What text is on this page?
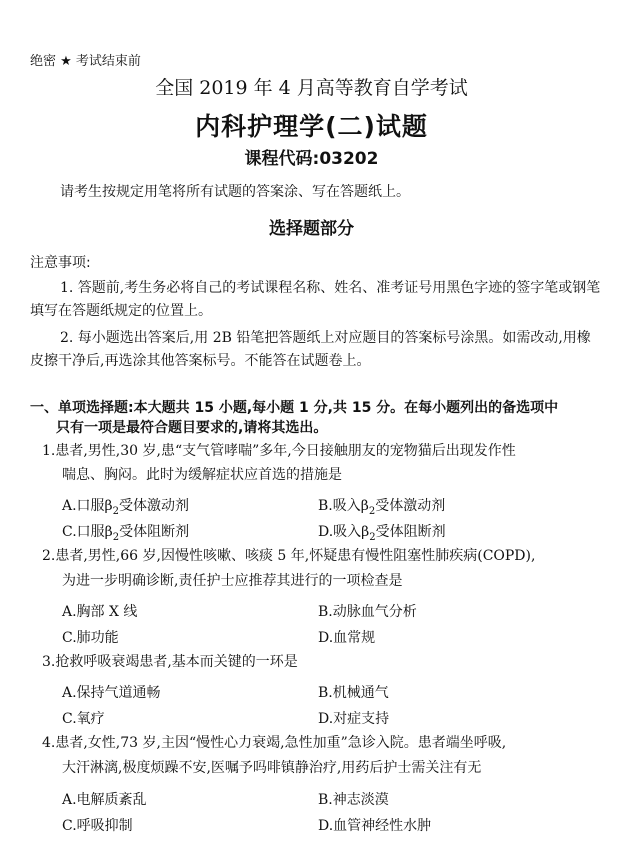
绝密 ★ 考试结束前
全国 2019 年 4 月高等教育自学考试
内科护理学(二)试题
课程代码:03202
请考生按规定用笔将所有试题的答案涂、写在答题纸上。
选择题部分
注意事项:
1. 答题前,考生务必将自己的考试课程名称、姓名、准考证号用黑色字迹的签字笔或钢笔
填写在答题纸规定的位置上。
2. 每小题选出答案后,用 2B 铅笔把答题纸上对应题目的答案标号涂黑。如需改动,用橡
皮擦干净后,再选涂其他答案标号。不能答在试题卷上。
一、单项选择题:本大题共 15 小题,每小题 1 分,共 15 分。在每小题列出的备选项中
只有一项是最符合题目要求的,请将其选出。
1.患者,男性,30 岁,患“支气管哮喘”多年,今日接触朋友的宠物猫后出现发作性
喘息、胸闷。此时为缓解症状应首选的措施是
A.口服$\beta_2$受体激动剂	B.吸入$\beta_2$受体激动剂
C.口服$\beta_2$受体阻断剂	D.吸入$\beta_2$受体阻断剂
2.患者,男性,66 岁,因慢性咳嗽、咳痰 5 年,怀疑患有慢性阻塞性肺疾病(COPD),
为进一步明确诊断,责任护士应推荐其进行的一项检查是
A.胸部 X 线	B.动脉血气分析
C.肺功能	D.血常规
3.抢救呼吸衰竭患者,基本而关键的一环是
A.保持气道通畅	B.机械通气
C.氧疗	D.对症支持
4.患者,女性,73 岁,主因“慢性心力衰竭,急性加重”急诊入院。患者端坐呼吸,
大汗淋漓,极度烦躁不安,医嘱予吗啡镇静治疗,用药后护士需关注有无
A.电解质紊乱	B.神志淡漠
C.呼吸抑制	D.血管神经性水肿
